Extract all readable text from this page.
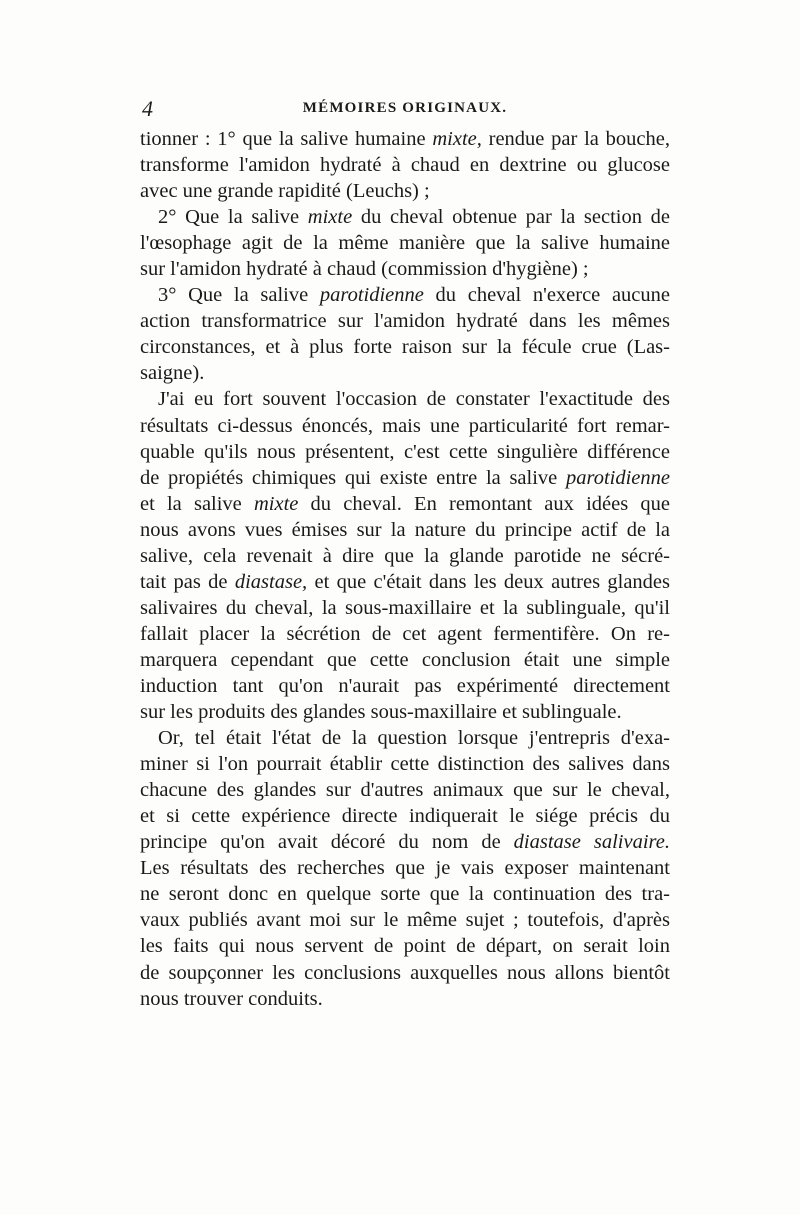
4	MÉMOIRES ORIGINAUX.
tionner : 1° que la salive humaine mixte, rendue par la bouche,
transforme l'amidon hydraté à chaud en dextrine ou glucose
avec une grande rapidité (Leuchs) ;
2° Que la salive mixte du cheval obtenue par la section de
l'œsophage agit de la même manière que la salive humaine
sur l'amidon hydraté à chaud (commission d'hygiène) ;
3° Que la salive parotidienne du cheval n'exerce aucune
action transformatrice sur l'amidon hydraté dans les mêmes
circonstances, et à plus forte raison sur la fécule crue (Las-
saigne).
J'ai eu fort souvent l'occasion de constater l'exactitude des
résultats ci-dessus énoncés, mais une particularité fort remar-
quable qu'ils nous présentent, c'est cette singulière différence
de propiétés chimiques qui existe entre la salive parotidienne
et la salive mixte du cheval. En remontant aux idées que
nous avons vues émises sur la nature du principe actif de la
salive, cela revenait à dire que la glande parotide ne sécré-
tait pas de diastase, et que c'était dans les deux autres glandes
salivaires du cheval, la sous-maxillaire et la sublinguale, qu'il
fallait placer la sécrétion de cet agent fermentifère. On re-
marquera cependant que cette conclusion était une simple
induction tant qu'on n'aurait pas expérimenté directement
sur les produits des glandes sous-maxillaire et sublinguale.
Or, tel était l'état de la question lorsque j'entrepris d'exa-
miner si l'on pourrait établir cette distinction des salives dans
chacune des glandes sur d'autres animaux que sur le cheval,
et si cette expérience directe indiquerait le siége précis du
principe qu'on avait décoré du nom de diastase salivaire.
Les résultats des recherches que je vais exposer maintenant
ne seront donc en quelque sorte que la continuation des tra-
vaux publiés avant moi sur le même sujet ; toutefois, d'après
les faits qui nous servent de point de départ, on serait loin
de soupçonner les conclusions auxquelles nous allons bientôt
nous trouver conduits.
